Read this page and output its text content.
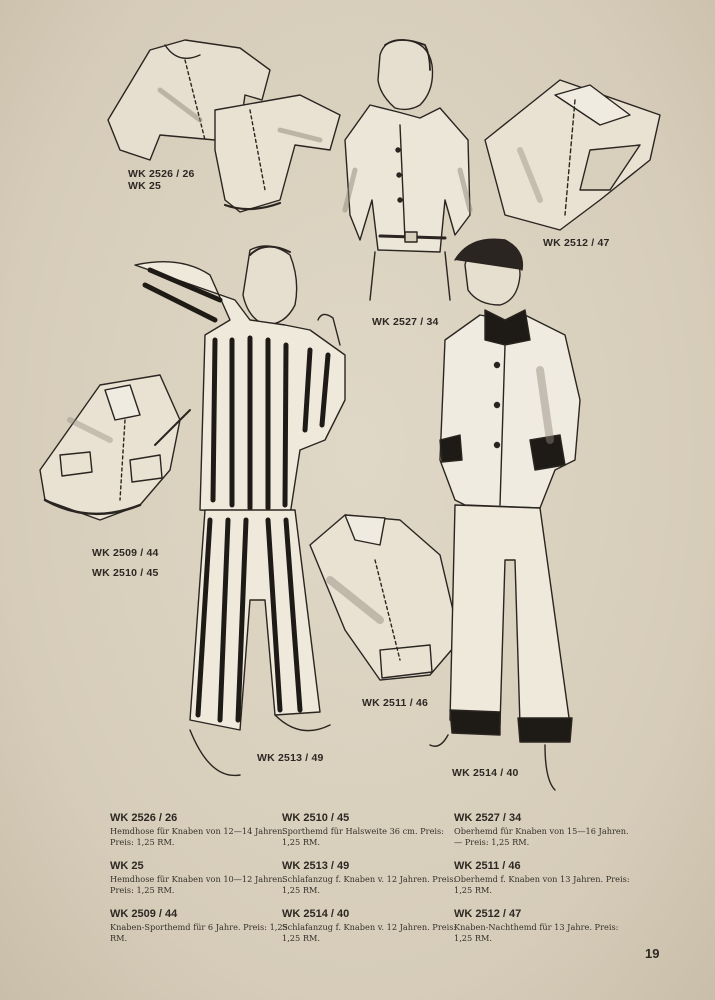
WK 2526 / 26
WK 25
WK 2512 / 47
WK 2527 / 34
WK 2509 / 44
WK 2510 / 45
WK 2511 / 46
WK 2513 / 49
WK 2514 / 40
WK 2526 / 26
Hemdhose für Knaben von 12—14 Jahren. Preis: 1,25 RM.
WK 25
Hemdhose für Knaben von 10—12 Jahren. Preis: 1,25 RM.
WK 2509 / 44
Knaben-Sporthemd für 6 Jahre. Preis: 1,25 RM.
WK 2510 / 45
Sporthemd für Halsweite 36 cm. Preis: 1,25 RM.
WK 2513 / 49
Schlafanzug f. Knaben v. 12 Jahren. Preis: 1,25 RM.
WK 2514 / 40
Schlafanzug f. Knaben v. 12 Jahren. Preis: 1,25 RM.
WK 2527 / 34
Oberhemd für Knaben von 15—16 Jahren. — Preis: 1,25 RM.
WK 2511 / 46
Oberhemd f. Knaben von 13 Jahren. Preis: 1,25 RM.
WK 2512 / 47
Knaben-Nachthemd für 13 Jahre. Preis: 1,25 RM.
19
